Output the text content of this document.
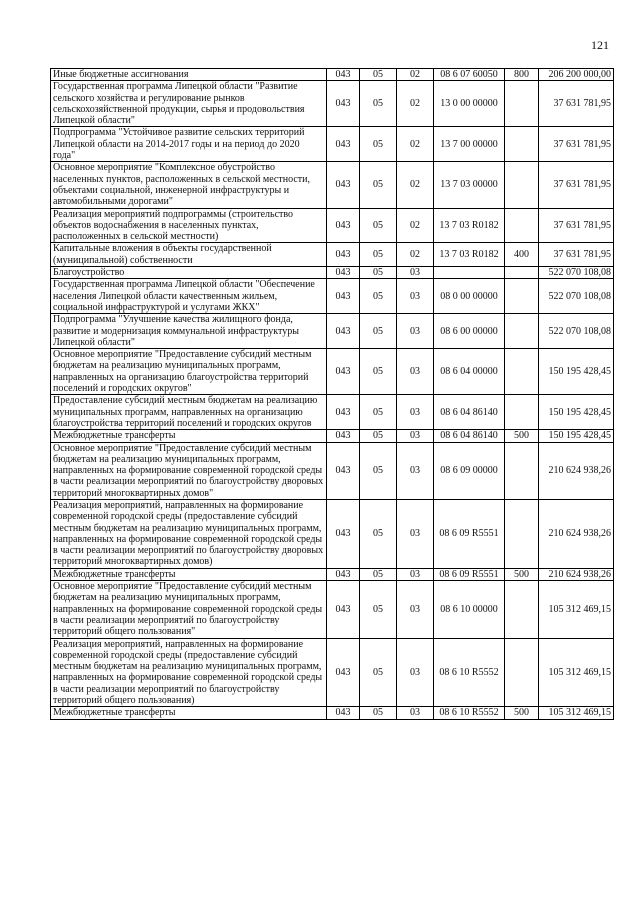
121
Иные бюджетные ассигнования	043	05	02	08 6 07 60050	800	206 200 000,00
Государственная программа Липецкой области "Развитие сельского хозяйства и регулирование рынков сельскохозяйственной продукции, сырья и продовольствия Липецкой области"	043	05	02	13 0 00 00000		37 631 781,95
Подпрограмма "Устойчивое развитие сельских территорий Липецкой области на 2014-2017 годы и на период до 2020 года"	043	05	02	13 7 00 00000		37 631 781,95
Основное мероприятие "Комплексное обустройство населенных пунктов, расположенных в сельской местности, объектами социальной, инженерной инфраструктуры и автомобильными дорогами"	043	05	02	13 7 03 00000		37 631 781,95
Реализация мероприятий подпрограммы (строительство объектов водоснабжения в населенных пунктах, расположенных в сельской местности)	043	05	02	13 7 03 R0182		37 631 781,95
Капитальные вложения в объекты государственной (муниципальной) собственности	043	05	02	13 7 03 R0182	400	37 631 781,95
Благоустройство	043	05	03			522 070 108,08
Государственная программа Липецкой области "Обеспечение населения Липецкой области качественным жильем, социальной инфраструктурой и услугами ЖКХ"	043	05	03	08 0 00 00000		522 070 108,08
Подпрограмма "Улучшение качества жилищного фонда, развитие и модернизация коммунальной инфраструктуры Липецкой области"	043	05	03	08 6 00 00000		522 070 108,08
Основное мероприятие "Предоставление субсидий местным бюджетам на реализацию муниципальных программ, направленных на организацию благоустройства территорий поселений и городских округов"	043	05	03	08 6 04 00000		150 195 428,45
Предоставление субсидий местным бюджетам на реализацию муниципальных программ, направленных на организацию благоустройства территорий поселений и городских округов	043	05	03	08 6 04 86140		150 195 428,45
Межбюджетные трансферты	043	05	03	08 6 04 86140	500	150 195 428,45
Основное мероприятие "Предоставление субсидий местным бюджетам на реализацию муниципальных программ, направленных на формирование современной городской среды в части реализации мероприятий по благоустройству дворовых территорий многоквартирных домов"	043	05	03	08 6 09 00000		210 624 938,26
Реализация мероприятий, направленных на формирование современной городской среды (предоставление субсидий местным бюджетам на реализацию муниципальных программ, направленных на формирование современной городской среды в части реализации мероприятий по благоустройству дворовых территорий многоквартирных домов)	043	05	03	08 6 09 R5551		210 624 938,26
Межбюджетные трансферты	043	05	03	08 6 09 R5551	500	210 624 938,26
Основное мероприятие "Предоставление субсидий местным бюджетам на реализацию муниципальных программ, направленных на формирование современной городской среды в части реализации мероприятий по благоустройству территорий общего пользования"	043	05	03	08 6 10 00000		105 312 469,15
Реализация мероприятий, направленных на формирование современной городской среды (предоставление субсидий местным бюджетам на реализацию муниципальных программ, направленных на формирование современной городской среды в части реализации мероприятий по благоустройству территорий общего пользования)	043	05	03	08 6 10 R5552		105 312 469,15
Межбюджетные трансферты	043	05	03	08 6 10 R5552	500	105 312 469,15
